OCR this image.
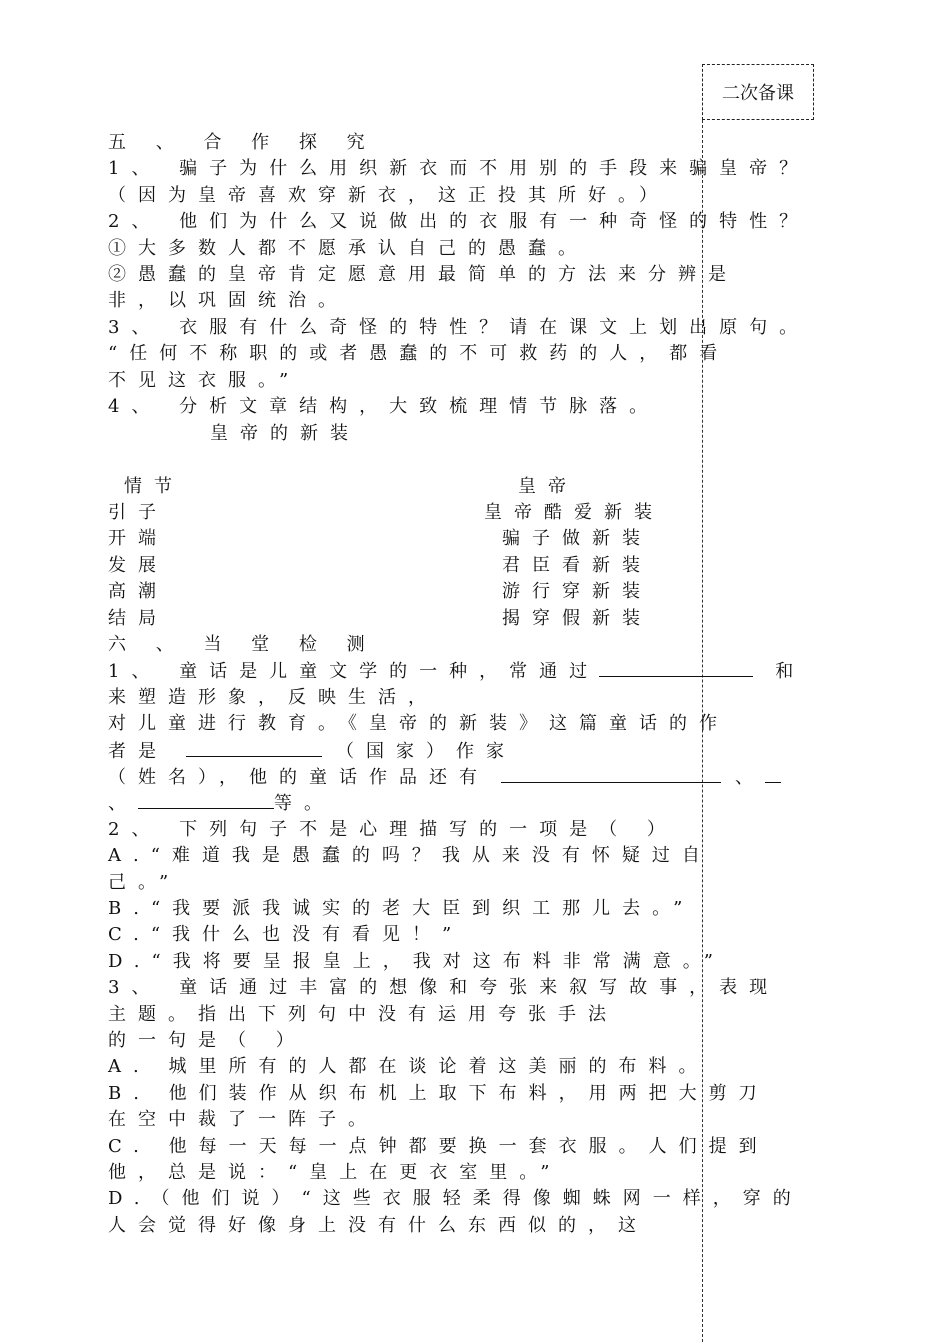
二次备课
五 、 合 作 探 究
1、 骗子为什么用织新衣而不用别的手段来骗皇帝？
（因为皇帝喜欢穿新衣，这正投其所好。）
2、 他们为什么又说做出的衣服有一种奇怪的特性？
①大多数人都不愿承认自己的愚蠢。
②愚蠢的皇帝肯定愿意用最简单的方法来分辨是
非，以巩固统治。
3、 衣服有什么奇怪的特性？请在课文上划出原句。
“任何不称职的或者愚蠢的不可救药的人，都看
不见这衣服。”
4、 分析文章结构，大致梳理情节脉落。
皇帝的新装
情节	皇帝
引子	皇帝酷爱新装
开端	骗子做新装
发展	君臣看新装
高潮	游行穿新装
结局	揭穿假新装
六 、 当 堂 检 测
1、 童话是儿童文学的一种，常通过	和
来塑造形象，反映生活，
对儿童进行教育。《皇帝的新装》这篇童话的作
者是	（国家）作家
（姓名），他的童话作品还有	、
、	等。
2、 下列句子不是心理描写的一项是（ ）
A.“难道我是愚蠢的吗？我从来没有怀疑过自
己。”
B.“我要派我诚实的老大臣到织工那儿去。”
C.“我什么也没有看见！”
D.“我将要呈报皇上，我对这布料非常满意。”
3、 童话通过丰富的想像和夸张来叙写故事，表现
主题。指出下列句中没有运用夸张手法
的一句是（ ）
A. 城里所有的人都在谈论着这美丽的布料。
B. 他们装作从织布机上取下布料，用两把大剪刀
在空中裁了一阵子。
C. 他每一天每一点钟都要换一套衣服。人们提到
他，总是说：“皇上在更衣室里。”
D.（他们说）“这些衣服轻柔得像蜘蛛网一样，穿的
人会觉得好像身上没有什么东西似的，这
